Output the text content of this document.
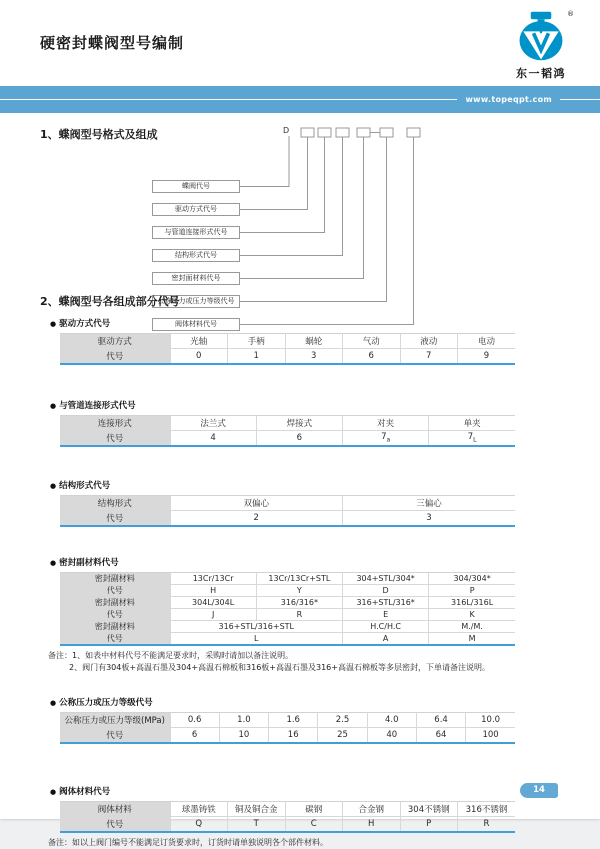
硬密封蝶阀型号编制
®
东一韬鸿
www.topeqpt.com
1、蝶阀型号格式及组成	D
蝶阀代号
驱动方式代号
与管道连接形式代号
结构形式代号
密封面材料代号
公称压力或压力等级代号
阀体材料代号
2、蝶阀型号各组成部分代号
● 驱动方式代号
驱动方式	光轴	手柄	蜗轮	气动	液动	电动
代号	0	1	3	6	7	9
● 与管道连接形式代号
连接形式	法兰式	焊接式	对夹	单夹
代号	4	6	$7_a$	$7_L$
● 结构形式代号
结构形式	双偏心	三偏心
代号	2	3
● 密封副材料代号
密封副材料	13Cr/13Cr	13Cr/13Cr+STL	304+STL/304*	304/304*
代号	H	Y	D	P
密封副材料	304L/304L	316/316*	316+STL/316*	316L/316L
代号	J	R	E	K
密封副材料	316+STL/316+STL		H.C/H.C	M./M.
代号	L		A	M
备注：1、如表中材料代号不能满足要求时，采购时请加以备注说明。
2、阀门有304板+高温石墨及304+高温石棉板和316板+高温石墨及316+高温石棉板等多层密封，下单请备注说明。
● 公称压力或压力等级代号
公称压力或压力等级(MPa)	0.6	1.0	1.6	2.5	4.0	6.4	10.0
代号	6	10	16	25	40	64	100
● 阀体材料代号
阀体材料	球墨铸铁	铜及铜合金	碳钢	合金钢	304不锈钢	316不锈钢
代号	Q	T	C	H	P	R
备注：如以上阀门编号不能满足订货要求时，订货时请单独说明各个部件材料。
14
